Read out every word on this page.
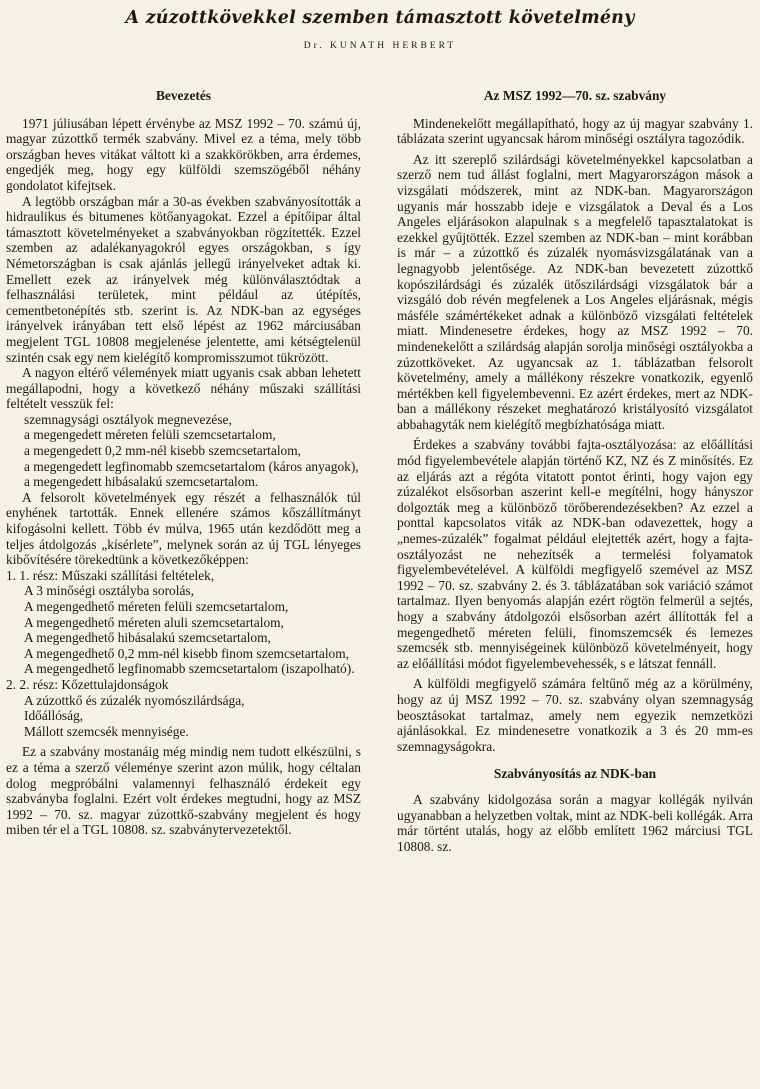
A zúzottkövekkel szemben támasztott követelmény
Dr. KUNATH HERBERT
Bevezetés

1971 júliusában lépett érvénybe az MSZ 1992 – 70. számú új, magyar zúzottkő termék szabvány. Mivel ez a téma, mely több országban heves vitákat váltott ki a szakkörökben, arra érdemes, engedjék meg, hogy egy külföldi szemszögéből néhány gondolatot kifejtsek.

A legtöbb országban már a 30-as években szabványosították a hidraulikus és bitumenes kötőanyagokat. Ezzel a építőipar által támasztott követelményeket a szabványokban rögzítették. Ezzel szemben az adalékanyagokról egyes országokban, s így Németországban is csak ajánlás jellegű irányelveket adtak ki. Emellett ezek az irányelvek még különválasztódtak a felhasználási területek, mint például az útépítés, cementbetonépítés stb. szerint is. Az NDK-ban az egységes irányelvek irányában tett első lépést az 1962 márciusában megjelent TGL 10808 megjelenése jelentette, ami kétségtelenül szintén csak egy nem kielégítő kompromisszumot tükrözött.

A nagyon eltérő vélemények miatt ugyanis csak abban lehetett megállapodni, hogy a következő néhány műszaki szállítási feltételt vesszük fel:

szemnagysági osztályok megnevezése,

a megengedett méreten felüli szemcsetartalom,

a megengedett 0,2 mm-nél kisebb szemcsetartalom,

a megengedett legfinomabb szemcsetartalom (káros anyagok),

a megengedett hibásalakú szemcsetartalom.

A felsorolt követelmények egy részét a felhasználók túl enyhének tartották. Ennek ellenére számos kőszállítmányt kifogásolni kellett. Több év múlva, 1965 után kezdődött meg a teljes átdolgozás „kísérlete”, melynek során az új TGL lényeges kibővítésére törekedtünk a következőképpen:

1. 1. rész: Műszaki szállítási feltételek,

A 3 minőségi osztályba sorolás,

A megengedhető méreten felüli szemcsetartalom,

A megengedhető méreten aluli szemcsetartalom,

A megengedhető hibásalakú szemcsetartalom,

A megengedhető 0,2 mm-nél kisebb finom szemcsetartalom,

A megengedhető legfinomabb szemcsetartalom (iszapolható).

2. 2. rész: Kőzettulajdonságok

A zúzottkő és zúzalék nyomószilárdsága,

Időállóság,

Mállott szemcsék mennyisége.

Ez a szabvány mostanáig még mindig nem tudott elkészülni, s ez a téma a szerző véleménye szerint azon múlik, hogy céltalan dolog megpróbálni valamennyi felhasználó érdekeit egy szabványba foglalni. Ezért volt érdekes megtudni, hogy az MSZ 1992 – 70. sz. magyar zúzottkő-szabvány megjelent és hogy miben tér el a TGL 10808. sz. szabványtervezetektől.

Az MSZ 1992—70. sz. szabvány

Mindenekelőtt megállapítható, hogy az új magyar szabvány 1. táblázata szerint ugyancsak három minőségi osztályra tagozódik.

Az itt szereplő szilárdsági követelményekkel kapcsolatban a szerző nem tud állást foglalni, mert Magyarországon mások a vizsgálati módszerek, mint az NDK-ban. Magyarországon ugyanis már hosszabb ideje e vizsgálatok a Deval és a Los Angeles eljárásokon alapulnak s a megfelelő tapasztalatokat is ezekkel gyűjtötték. Ezzel szemben az NDK-ban – mint korábban is már – a zúzottkő és zúzalék nyomásvizsgálatának van a legnagyobb jelentősége. Az NDK-ban bevezetett zúzottkő kopószilárdsági és zúzalék ütőszilárdsági vizsgálatok bár a vizsgáló dob révén megfelenek a Los Angeles eljárásnak, mégis másféle számértékeket adnak a különböző vizsgálati feltételek miatt. Mindenesetre érdekes, hogy az MSZ 1992 – 70. mindenekelőtt a szilárdság alapján sorolja minőségi osztályokba a zúzottköveket. Az ugyancsak az 1. táblázatban felsorolt követelmény, amely a mállékony részekre vonatkozik, egyenlő mértékben kell figyelembevenni. Ez azért érdekes, mert az NDK-ban a mállékony részeket meghatározó kristályosító vizsgálatot abbahagyták nem kielégítő megbízhatósága miatt.

Érdekes a szabvány további fajta-osztályozása: az előállítási mód figyelembevétele alapján történő KZ, NZ és Z minősítés. Ez az eljárás azt a régóta vitatott pontot érinti, hogy vajon egy zúzalékot elsősorban aszerint kell-e megítélni, hogy hányszor dolgozták meg a különböző törőberendezésekben? Az ezzel a ponttal kapcsolatos viták az NDK-ban odavezettek, hogy a „nemes-zúzalék” fogalmat például elejtették azért, hogy a fajta-osztályozást ne nehezítsék a termelési folyamatok figyelembevételével. A külföldi megfigyelő szemével az MSZ 1992 – 70. sz. szabvány 2. és 3. táblázatában sok variáció számot tartalmaz. Ilyen benyomás alapján ezért rögtön felmerül a sejtés, hogy a szabvány átdolgozói elsősorban azért állították fel a megengedhető méreten felüli, finomszemcsék és lemezes szemcsék stb. mennyiségeinek különböző követelményeit, hogy az előállítási módot figyelembevehessék, s e látszat fennáll.

A külföldi megfigyelő számára feltűnő még az a körülmény, hogy az új MSZ 1992 – 70. sz. szabvány olyan szemnagyság beosztásokat tartalmaz, amely nem egyezik nemzetközi ajánlásokkal. Ez mindenesetre vonatkozik a 3 és 20 mm-es szemnagyságokra.

Szabványosítás az NDK-ban

A szabvány kidolgozása során a magyar kollégák nyilván ugyanabban a helyzetben voltak, mint az NDK-beli kollégák. Arra már történt utalás, hogy az előbb említett 1962 márciusi TGL 10808. sz.
